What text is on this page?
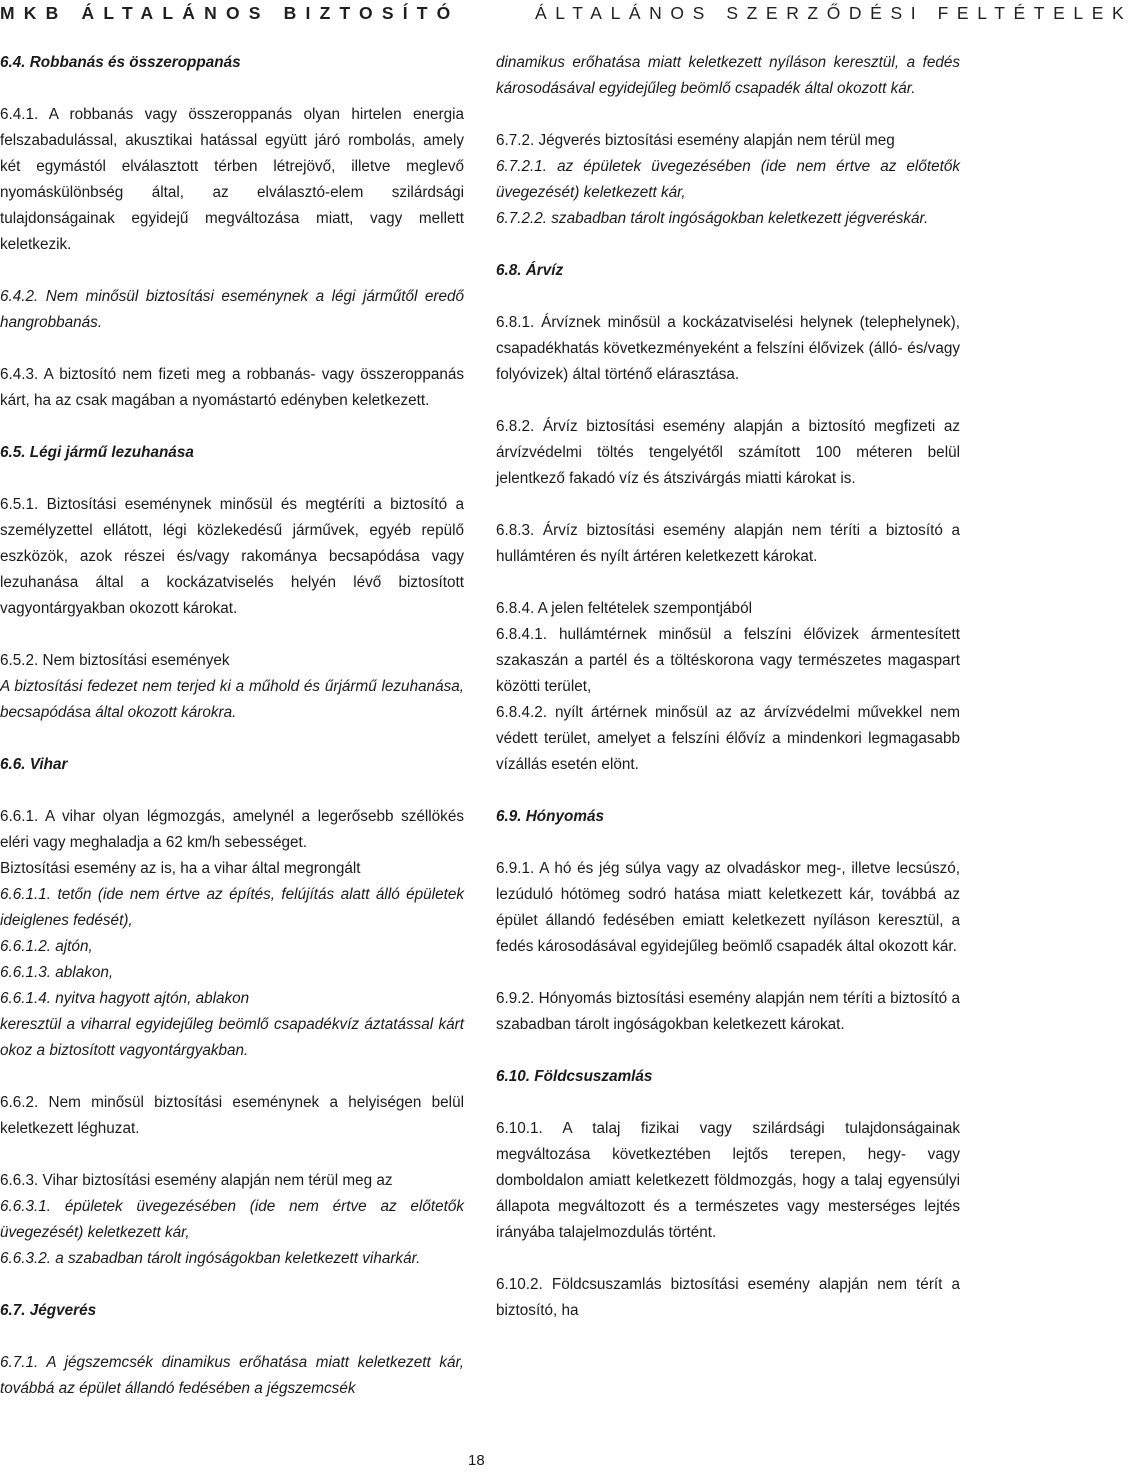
MKB ÁLTALÁNOS BIZTOSÍTÓ	ÁLTALÁNOS SZERZŐDÉSI FELTÉTELEK
6.4. Robbanás és összeroppanás

6.4.1. A robbanás vagy összeroppanás olyan hirtelen energia felszabadulással, akusztikai hatással együtt járó rombolás, amely két egymástól elválasztott térben létrejövő, illetve meglevő nyomáskülönbség által, az elválasztó-elem szilárdsági tulajdonságainak egyidejű megváltozása miatt, vagy mellett keletkezik.

6.4.2. Nem minősül biztosítási eseménynek a légi járműtől eredő hangrobbanás.

6.4.3. A biztosító nem fizeti meg a robbanás- vagy összeroppanás kárt, ha az csak magában a nyomástartó edényben keletkezett.

6.5. Légi jármű lezuhanása

6.5.1. Biztosítási eseménynek minősül és megtéríti a biztosító a személyzettel ellátott, légi közlekedésű járművek, egyéb repülő eszközök, azok részei és/vagy rakománya becsapódása vagy lezuhanása által a kockázatviselés helyén lévő biztosított vagyontárgyakban okozott károkat.

6.5.2. Nem biztosítási események

A biztosítási fedezet nem terjed ki a műhold és űrjármű lezuhanása, becsapódása által okozott károkra.

6.6. Vihar

6.6.1. A vihar olyan légmozgás, amelynél a legerősebb széllökés eléri vagy meghaladja a 62 km/h sebességet.

Biztosítási esemény az is, ha a vihar által megrongált

6.6.1.1. tetőn (ide nem értve az építés, felújítás alatt álló épületek ideiglenes fedését),

6.6.1.2. ajtón,

6.6.1.3. ablakon,

6.6.1.4. nyitva hagyott ajtón, ablakon

keresztül a viharral egyidejűleg beömlő csapadékvíz áztatással kárt okoz a biztosított vagyontárgyakban.

6.6.2. Nem minősül biztosítási eseménynek a helyiségen belül keletkezett léghuzat.

6.6.3. Vihar biztosítási esemény alapján nem térül meg az

6.6.3.1. épületek üvegezésében (ide nem értve az előtetők üvegezését) keletkezett kár,

6.6.3.2. a szabadban tárolt ingóságokban keletkezett viharkár.

6.7. Jégverés

6.7.1. A jégszemcsék dinamikus erőhatása miatt keletkezett kár, továbbá az épület állandó fedésében a jégszemcsék

dinamikus erőhatása miatt keletkezett nyíláson keresztül, a fedés károsodásával egyidejűleg beömlő csapadék által okozott kár.

6.7.2. Jégverés biztosítási esemény alapján nem térül meg

6.7.2.1. az épületek üvegezésében (ide nem értve az előtetők üvegezését) keletkezett kár,

6.7.2.2. szabadban tárolt ingóságokban keletkezett jégveréskár.

6.8. Árvíz

6.8.1. Árvíznek minősül a kockázatviselési helynek (telephelynek), csapadékhatás következményeként a felszíni élővizek (álló- és/vagy folyóvizek) által történő elárasztása.

6.8.2. Árvíz biztosítási esemény alapján a biztosító megfizeti az árvízvédelmi töltés tengelyétől számított 100 méteren belül jelentkező fakadó víz és átszivárgás miatti károkat is.

6.8.3. Árvíz biztosítási esemény alapján nem téríti a biztosító a hullámtéren és nyílt ártéren keletkezett károkat.

6.8.4. A jelen feltételek szempontjából

6.8.4.1. hullámtérnek minősül a felszíni élővizek ármentesített szakaszán a partél és a töltéskorona vagy természetes magaspart közötti terület,

6.8.4.2. nyílt ártérnek minősül az az árvízvédelmi művekkel nem védett terület, amelyet a felszíni élővíz a mindenkori legmagasabb vízállás esetén elönt.

6.9. Hónyomás

6.9.1. A hó és jég súlya vagy az olvadáskor meg-, illetve lecsúszó, lezúduló hótömeg sodró hatása miatt keletkezett kár, továbbá az épület állandó fedésében emiatt keletkezett nyíláson keresztül, a fedés károsodásával egyidejűleg beömlő csapadék által okozott kár.

6.9.2. Hónyomás biztosítási esemény alapján nem téríti a biztosító a szabadban tárolt ingóságokban keletkezett károkat.

6.10. Földcsuszamlás

6.10.1. A talaj fizikai vagy szilárdsági tulajdonságainak megváltozása következtében lejtős terepen, hegy- vagy domboldalon amiatt keletkezett földmozgás, hogy a talaj egyensúlyi állapota megváltozott és a természetes vagy mesterséges lejtés irányába talajelmozdulás történt.

6.10.2. Földcsuszamlás biztosítási esemény alapján nem térít a biztosító, ha

18
